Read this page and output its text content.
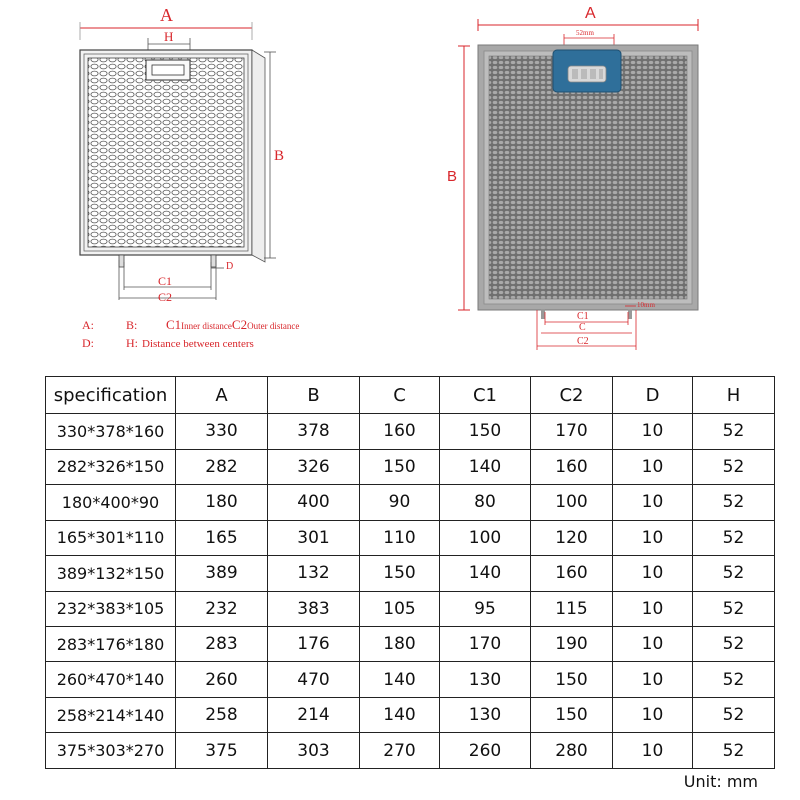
A
H
B
D
C1
C2
A:	B: C1Inner distanceC2Outer distance
D:	H: Distance between centers
A
52mm
B
10mm
C1
C
C2
specification	A	B	C	C1	C2	D	H
330*378*160	330	378	160	150	170	10	52
282*326*150	282	326	150	140	160	10	52
180*400*90	180	400	90	80	100	10	52
165*301*110	165	301	110	100	120	10	52
389*132*150	389	132	150	140	160	10	52
232*383*105	232	383	105	95	115	10	52
283*176*180	283	176	180	170	190	10	52
260*470*140	260	470	140	130	150	10	52
258*214*140	258	214	140	130	150	10	52
375*303*270	375	303	270	260	280	10	52
Unit: mm
